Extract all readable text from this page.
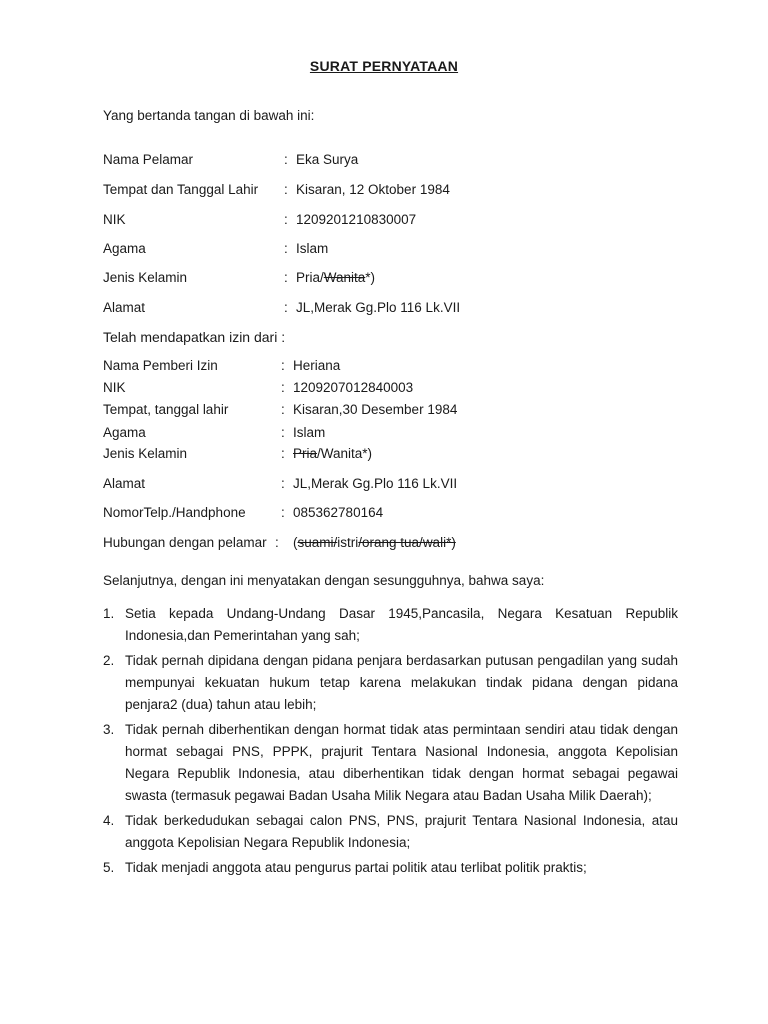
SURAT PERNYATAAN
Yang bertanda tangan di bawah ini:
Nama Pelamar	: Eka Surya
Tempat dan Tanggal Lahir	: Kisaran, 12 Oktober 1984
NIK	: 1209201210830007
Agama	: Islam
Jenis Kelamin	: Pria/Wanita*)
Alamat	: JL,Merak Gg.Plo 116 Lk.VII
Telah mendapatkan izin dari :
Nama Pemberi Izin	: Heriana
NIK	: 1209207012840003
Tempat, tanggal lahir	: Kisaran,30 Desember 1984
Agama	: Islam
Jenis Kelamin	: Pria/Wanita*)
Alamat	: JL,Merak Gg.Plo 116 Lk.VII
NomorTelp./Handphone	: 085362780164
Hubungan dengan pelamar : (suami/istri/orang tua/wali*)
Selanjutnya, dengan ini menyatakan dengan sesungguhnya, bahwa saya:
1. Setia kepada Undang-Undang Dasar 1945,Pancasila, Negara Kesatuan Republik Indonesia,dan Pemerintahan yang sah;
2. Tidak pernah dipidana dengan pidana penjara berdasarkan putusan pengadilan yang sudah mempunyai kekuatan hukum tetap karena melakukan tindak pidana dengan pidana penjara2 (dua) tahun atau lebih;
3. Tidak pernah diberhentikan dengan hormat tidak atas permintaan sendiri atau tidak dengan hormat sebagai PNS, PPPK, prajurit Tentara Nasional Indonesia, anggota Kepolisian Negara Republik Indonesia, atau diberhentikan tidak dengan hormat sebagai pegawai swasta (termasuk pegawai Badan Usaha Milik Negara atau Badan Usaha Milik Daerah);
4. Tidak berkedudukan sebagai calon PNS, PNS, prajurit Tentara Nasional Indonesia, atau anggota Kepolisian Negara Republik Indonesia;
5. Tidak menjadi anggota atau pengurus partai politik atau terlibat politik praktis;
